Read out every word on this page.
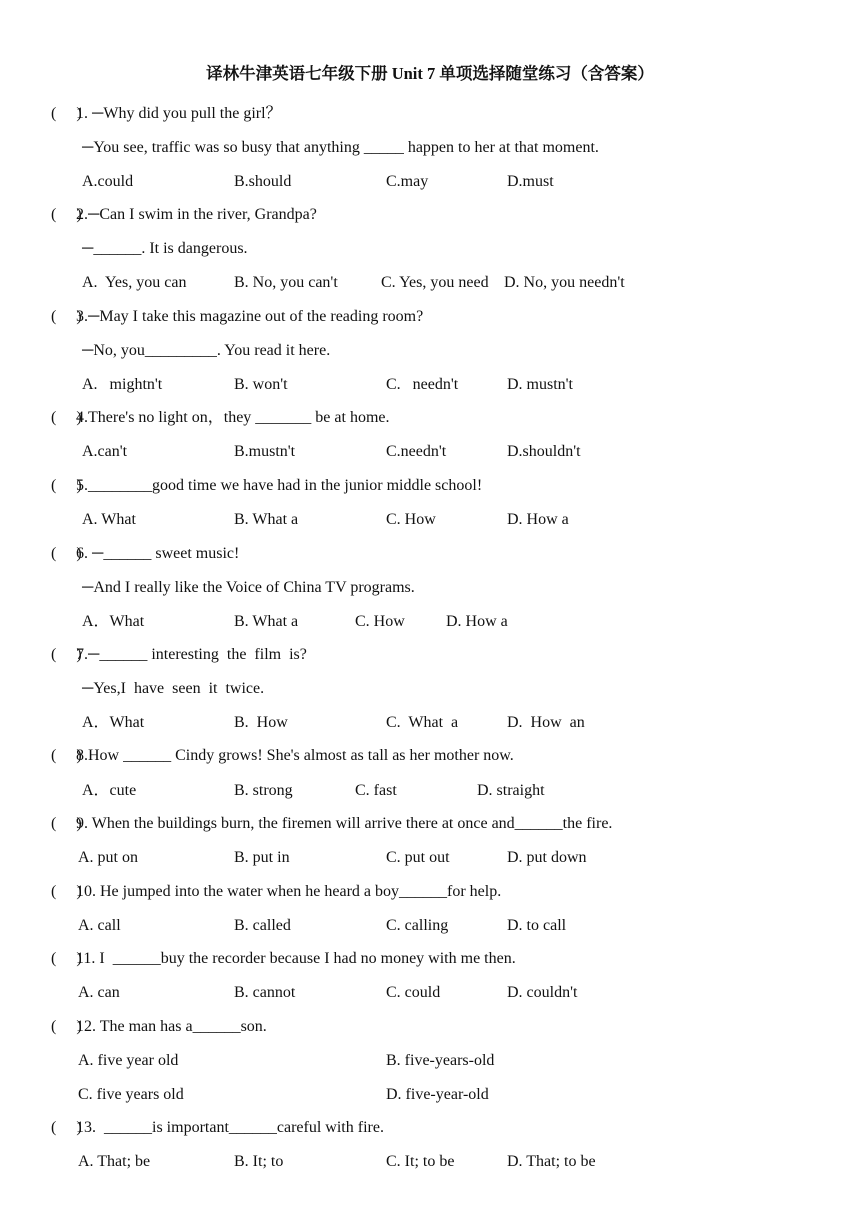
译林牛津英语七年级下册 Unit 7 单项选择随堂练习（含答案）
(     )
1. ─Why did you pull the girl？
─You see, traffic was so busy that anything _____ happen to her at that moment.
A.could	B.should	C.may	D.must
(     )
2.─Can I swim in the river, Grandpa?
─______. It is dangerous.
A.  Yes, you can	B. No, you can't	C. Yes, you need D. No, you needn't
(     )
3.─May I take this magazine out of the reading room?
─No, you_________. You read it here.
A.   mightn't	B. won't	C.   needn't	D. mustn't
(     )
4.There's no light on，they _______ be at home.
A.can't	B.mustn't	C.needn't	D.shouldn't
(     )
5.________good time we have had in the junior middle school!
A. What	B. What a	C. How	D. How a
(     )
6. ─______ sweet music!
─And I really like the Voice of China TV programs.
A．What	B. What a	C. How	D. How a
(     )
7.─______ interesting  the  film  is?
─Yes,I  have  seen  it  twice.
A．What	B.  How	C.  What  a	D.  How  an
(     )
8.How ______ Cindy grows! She's almost as tall as her mother now.
A．cute	B. strong	C. fast	D. straight
(     )
9. When the buildings burn, the firemen will arrive there at once and______the fire.
A. put on	B. put in	C. put out	D. put down
(     )
10. He jumped into the water when he heard a boy______for help.
A. call	B. called	C. calling	D. to call
(     )
11. I  ______buy the recorder because I had no money with me then.
A. can	B. cannot	C. could	D. couldn't
(     )
12. The man has a______son.
A. five year old	B. five-years-old
C. five years old	D. five-year-old
(     )
13.  ______is important______careful with fire.
A. That; be	B. It; to	C. It; to be	D. That; to be
